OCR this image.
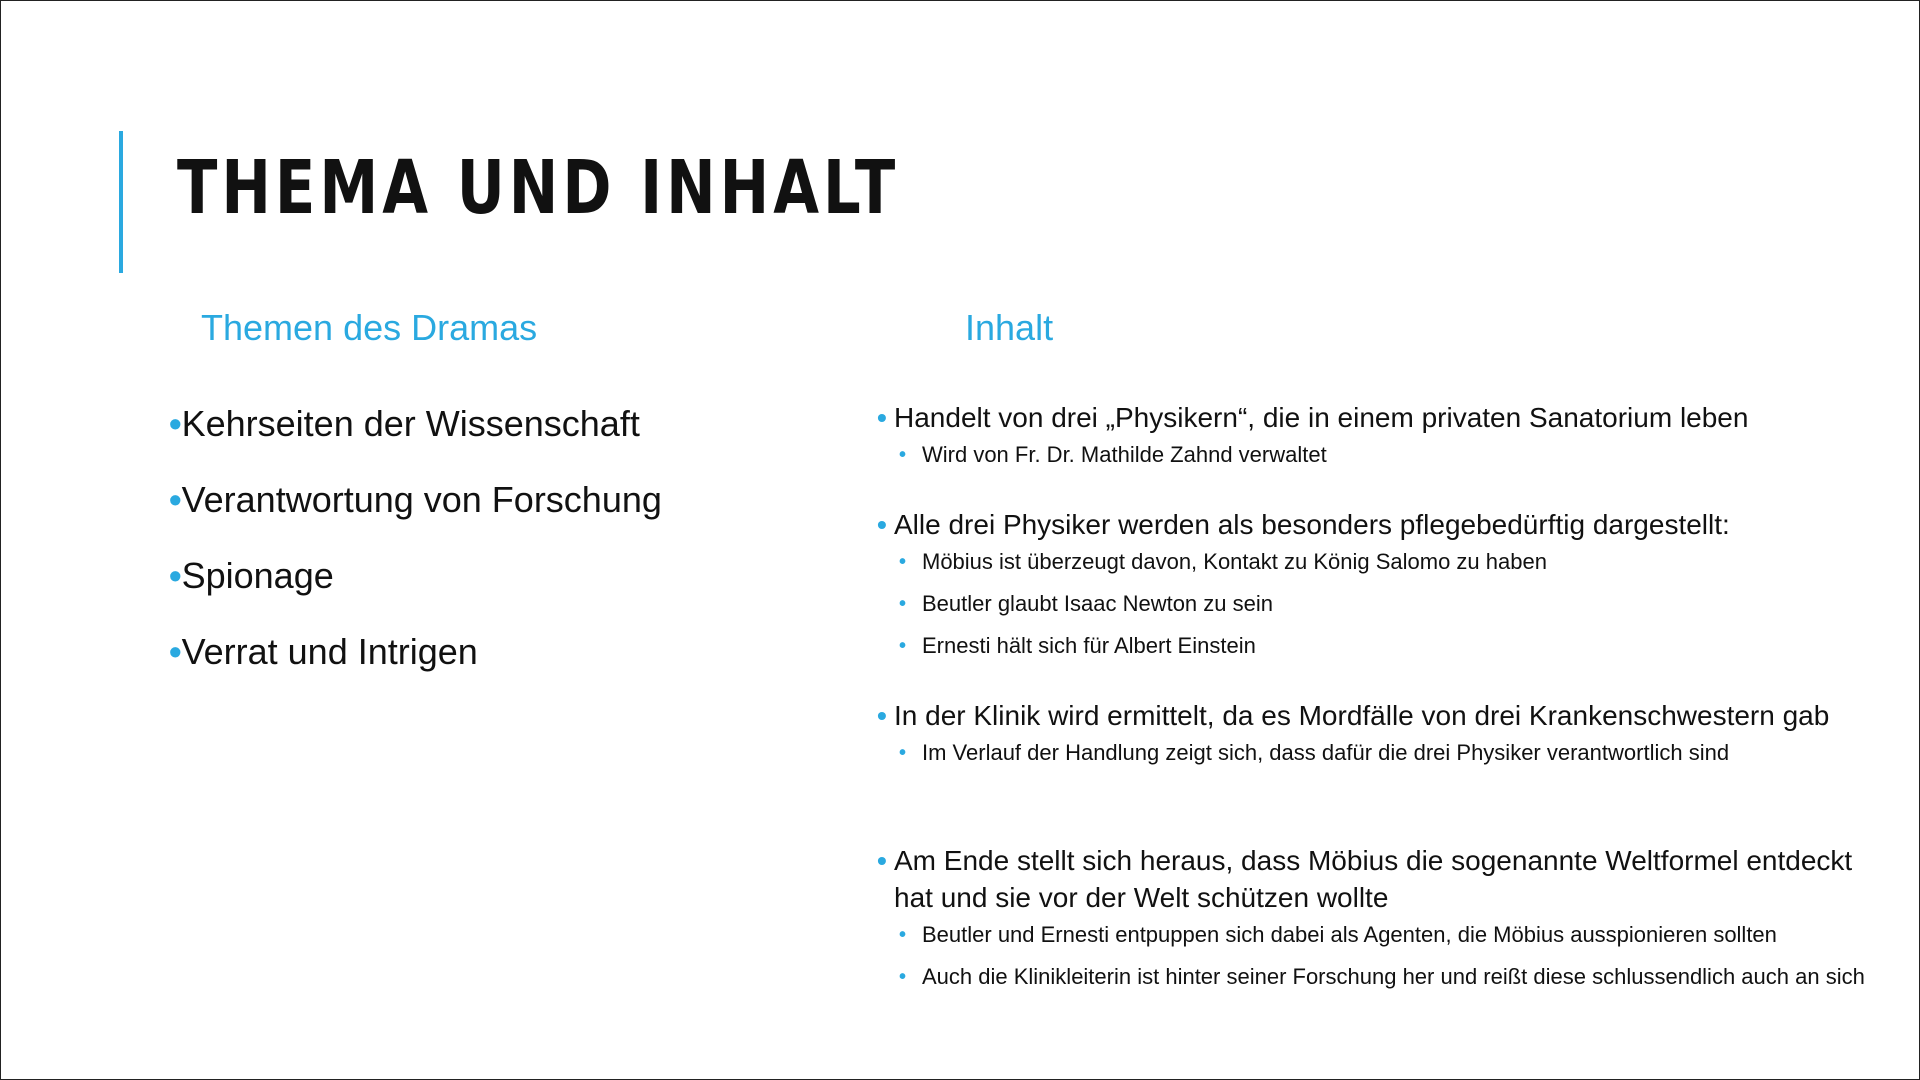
THEMA UND INHALT
Themen des Dramas	Inhalt
•Kehrseiten der Wissenschaft
•Verantwortung von Forschung
•Spionage
•Verrat und Intrigen
• Handelt von drei „Physikern“, die in einem privaten Sanatorium leben
• Wird von Fr. Dr. Mathilde Zahnd verwaltet
• Alle drei Physiker werden als besonders pflegebedürftig dargestellt:
• Möbius ist überzeugt davon, Kontakt zu König Salomo zu haben
• Beutler glaubt Isaac Newton zu sein
• Ernesti hält sich für Albert Einstein
• In der Klinik wird ermittelt, da es Mordfälle von drei Krankenschwestern gab
• Im Verlauf der Handlung zeigt sich, dass dafür die drei Physiker verantwortlich sind
• Am Ende stellt sich heraus, dass Möbius die sogenannte Weltformel entdeckt hat und sie vor der Welt schützen wollte
• Beutler und Ernesti entpuppen sich dabei als Agenten, die Möbius ausspionieren sollten
• Auch die Klinikleiterin ist hinter seiner Forschung her und reißt diese schlussendlich auch an sich
